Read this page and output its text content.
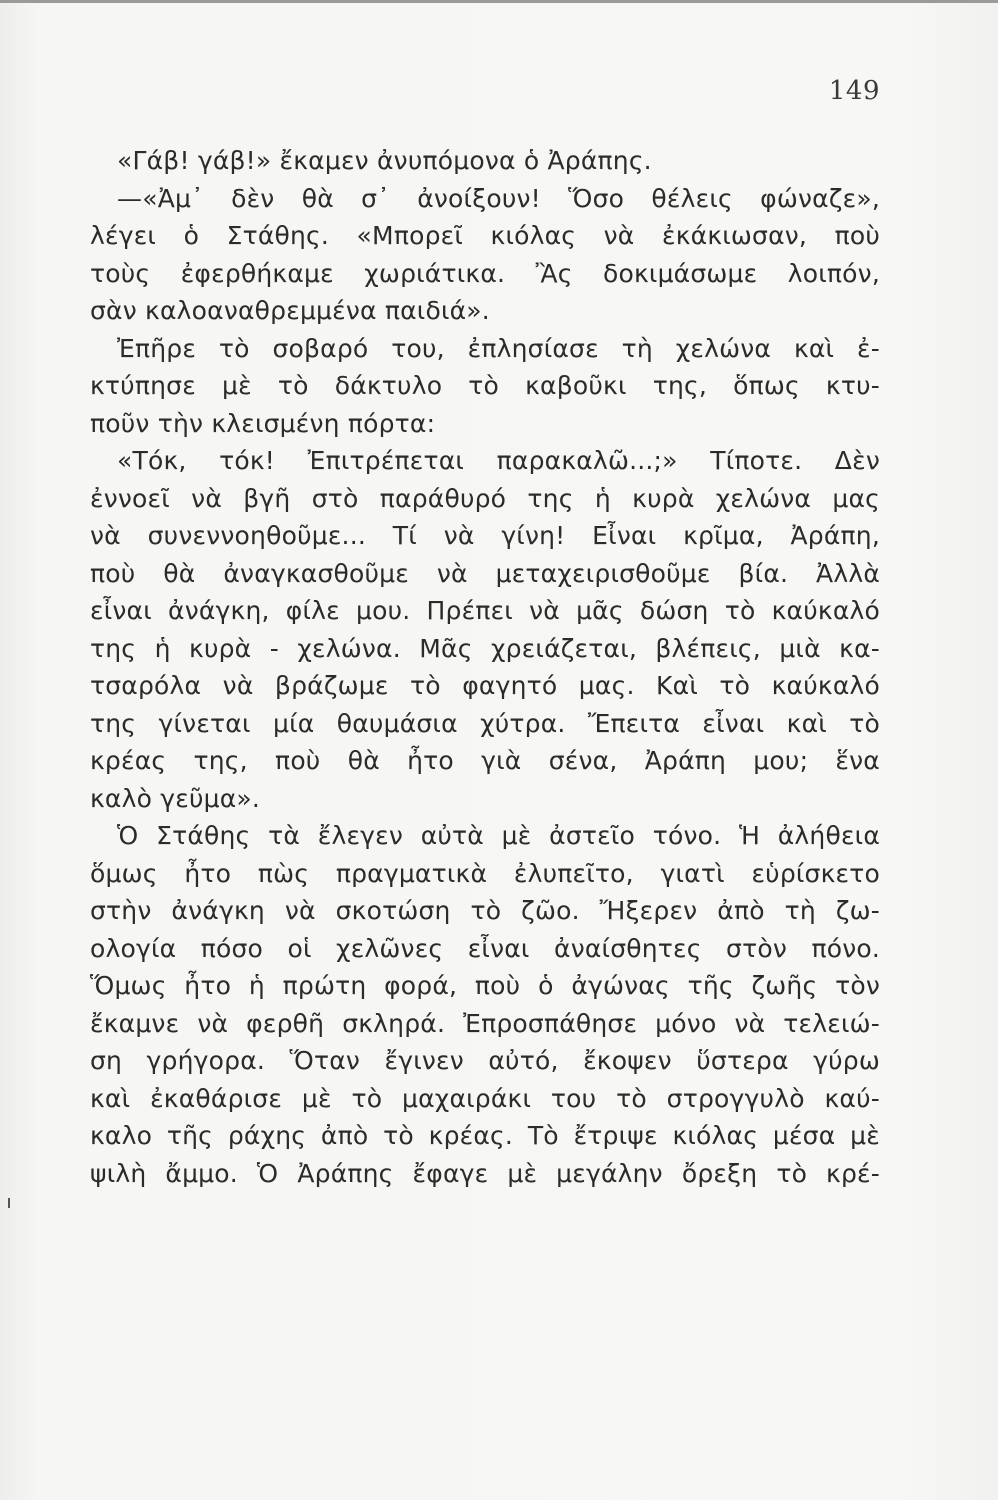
149
«Γάβ! γάβ!» ἔκαμεν ἀνυπόμονα ὁ Ἀράπης.
—«Ἀμ᾽ δὲν θὰ σ᾽ ἀνοίξουν! Ὅσο θέλεις φώναζε»,
λέγει ὁ Στάθης. «Μπορεῖ κιόλας νὰ ἐκάκιωσαν, ποὺ
τοὺς ἐφερθήκαμε χωριάτικα. Ἂς δοκιμάσωμε λοιπόν,
σὰν καλοαναθρεμμένα παιδιά».
Ἐπῆρε τὸ σοβαρό του, ἐπλησίασε τὴ χελώνα καὶ ἐ-
κτύπησε μὲ τὸ δάκτυλο τὸ καβοῦκι της, ὅπως κτυ-
ποῦν τὴν κλεισμένη πόρτα:
«Τόκ, τόκ! Ἐπιτρέπεται παρακαλῶ...;» Τίποτε. Δὲν
ἐννοεῖ νὰ βγῆ στὸ παράθυρό της ἡ κυρὰ χελώνα μας
νὰ συνεννοηθοῦμε... Τί νὰ γίνη! Εἶναι κρῖμα, Ἀράπη,
ποὺ θὰ ἀναγκασθοῦμε νὰ μεταχειρισθοῦμε βία. Ἀλλὰ
εἶναι ἀνάγκη, φίλε μου. Πρέπει νὰ μᾶς δώση τὸ καύκαλό
της ἡ κυρὰ - χελώνα. Μᾶς χρειάζεται, βλέπεις, μιὰ κα-
τσαρόλα νὰ βράζωμε τὸ φαγητό μας. Καὶ τὸ καύκαλό
της γίνεται μία θαυμάσια χύτρα. Ἔπειτα εἶναι καὶ τὸ
κρέας της, ποὺ θὰ ἦτο γιὰ σένα, Ἀράπη μου; ἕνα
καλὸ γεῦμα».
Ὁ Στάθης τὰ ἔλεγεν αὐτὰ μὲ ἀστεῖο τόνο. Ἡ ἀλήθεια
ὅμως ἦτο πὼς πραγματικὰ ἐλυπεῖτο, γιατὶ εὑρίσκετο
στὴν ἀνάγκη νὰ σκοτώση τὸ ζῶο. Ἤξερεν ἀπὸ τὴ ζω-
ολογία πόσο οἱ χελῶνες εἶναι ἀναίσθητες στὸν πόνο.
Ὅμως ἦτο ἡ πρώτη φορά, ποὺ ὁ ἀγώνας τῆς ζωῆς τὸν
ἔκαμνε νὰ φερθῆ σκληρά. Ἐπροσπάθησε μόνο νὰ τελειώ-
ση γρήγορα. Ὅταν ἔγινεν αὐτό, ἔκοψεν ὕστερα γύρω
καὶ ἐκαθάρισε μὲ τὸ μαχαιράκι του τὸ στρογγυλὸ καύ-
καλο τῆς ράχης ἀπὸ τὸ κρέας. Τὸ ἔτριψε κιόλας μέσα μὲ
ψιλὴ ἄμμο. Ὁ Ἀράπης ἔφαγε μὲ μεγάλην ὄρεξη τὸ κρέ-
